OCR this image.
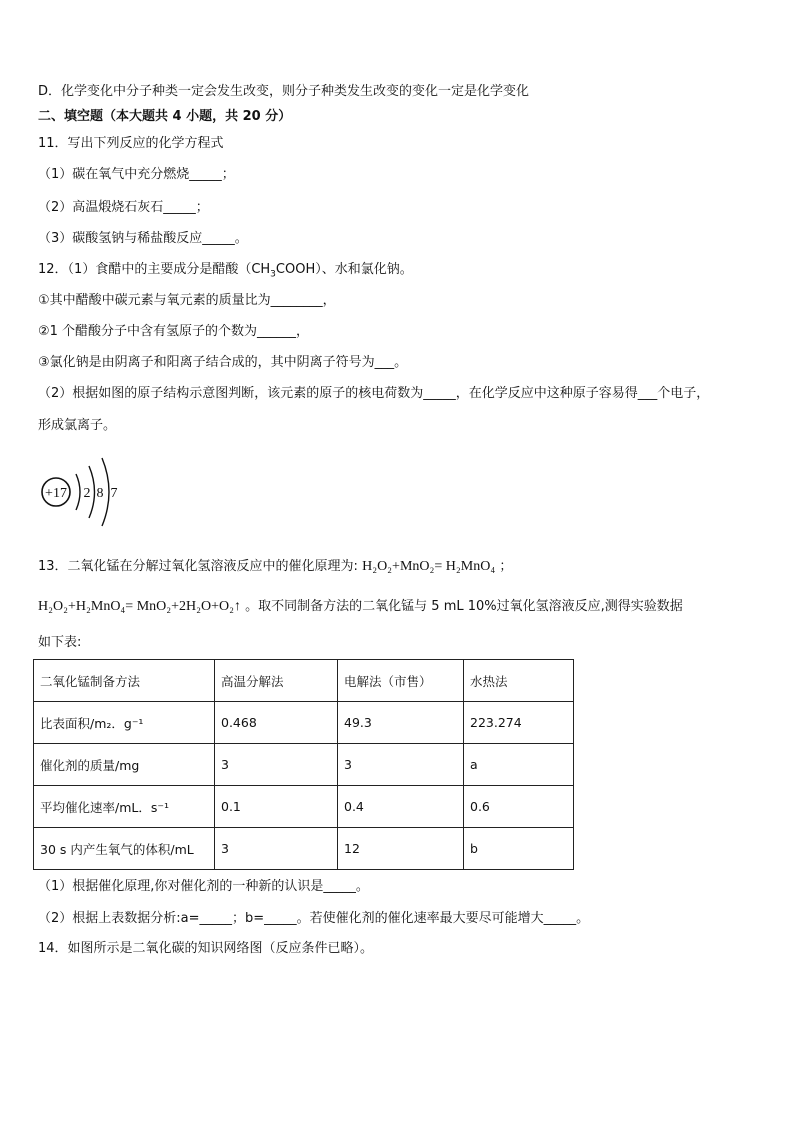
D．化学变化中分子种类一定会发生改变，则分子种类发生改变的变化一定是化学变化
二、填空题（本大题共 4 小题，共 20 分）
11．写出下列反应的化学方程式
（1）碳在氧气中充分燃烧_____；
（2）高温煅烧石灰石_____；
（3）碳酸氢钠与稀盐酸反应_____。
12．（1）食醋中的主要成分是醋酸$(CH_3COOH)$、水和氯化钠。
①其中醋酸中碳元素与氧元素的质量比为________，
②1 个醋酸分子中含有氢原子的个数为______，
③氯化钠是由阴离子和阳离子结合成的，其中阴离子符号为___。
（2）根据如图的原子结构示意图判断，该元素的原子的核电荷数为_____，在化学反应中这种原子容易得___个电子，
形成氯离子。
+17 2 8 7
13．二氧化锰在分解过氧化氢溶液反应中的催化原理为: H₂O₂+MnO₂= H₂MnO₄ ；
H₂O₂+H₂MnO₄= MnO₂+2H₂O+O₂↑ 。取不同制备方法的二氧化锰与 5 mL 10%过氧化氢溶液反应,测得实验数据
如下表:
二氧化锰制备方法	高温分解法	电解法（市售）	水热法
比表面积/m₂．g⁻¹	0.468	49.3	223.274
催化剂的质量/mg	3	3	a
平均催化速率/mL．s⁻¹	0.1	0.4	0.6
30 s 内产生氧气的体积/mL	3	12	b
（1）根据催化原理,你对催化剂的一种新的认识是_____。
（2）根据上表数据分析:a=_____；b=_____。若使催化剂的催化速率最大要尽可能增大_____。
14．如图所示是二氧化碳的知识网络图（反应条件已略）。
